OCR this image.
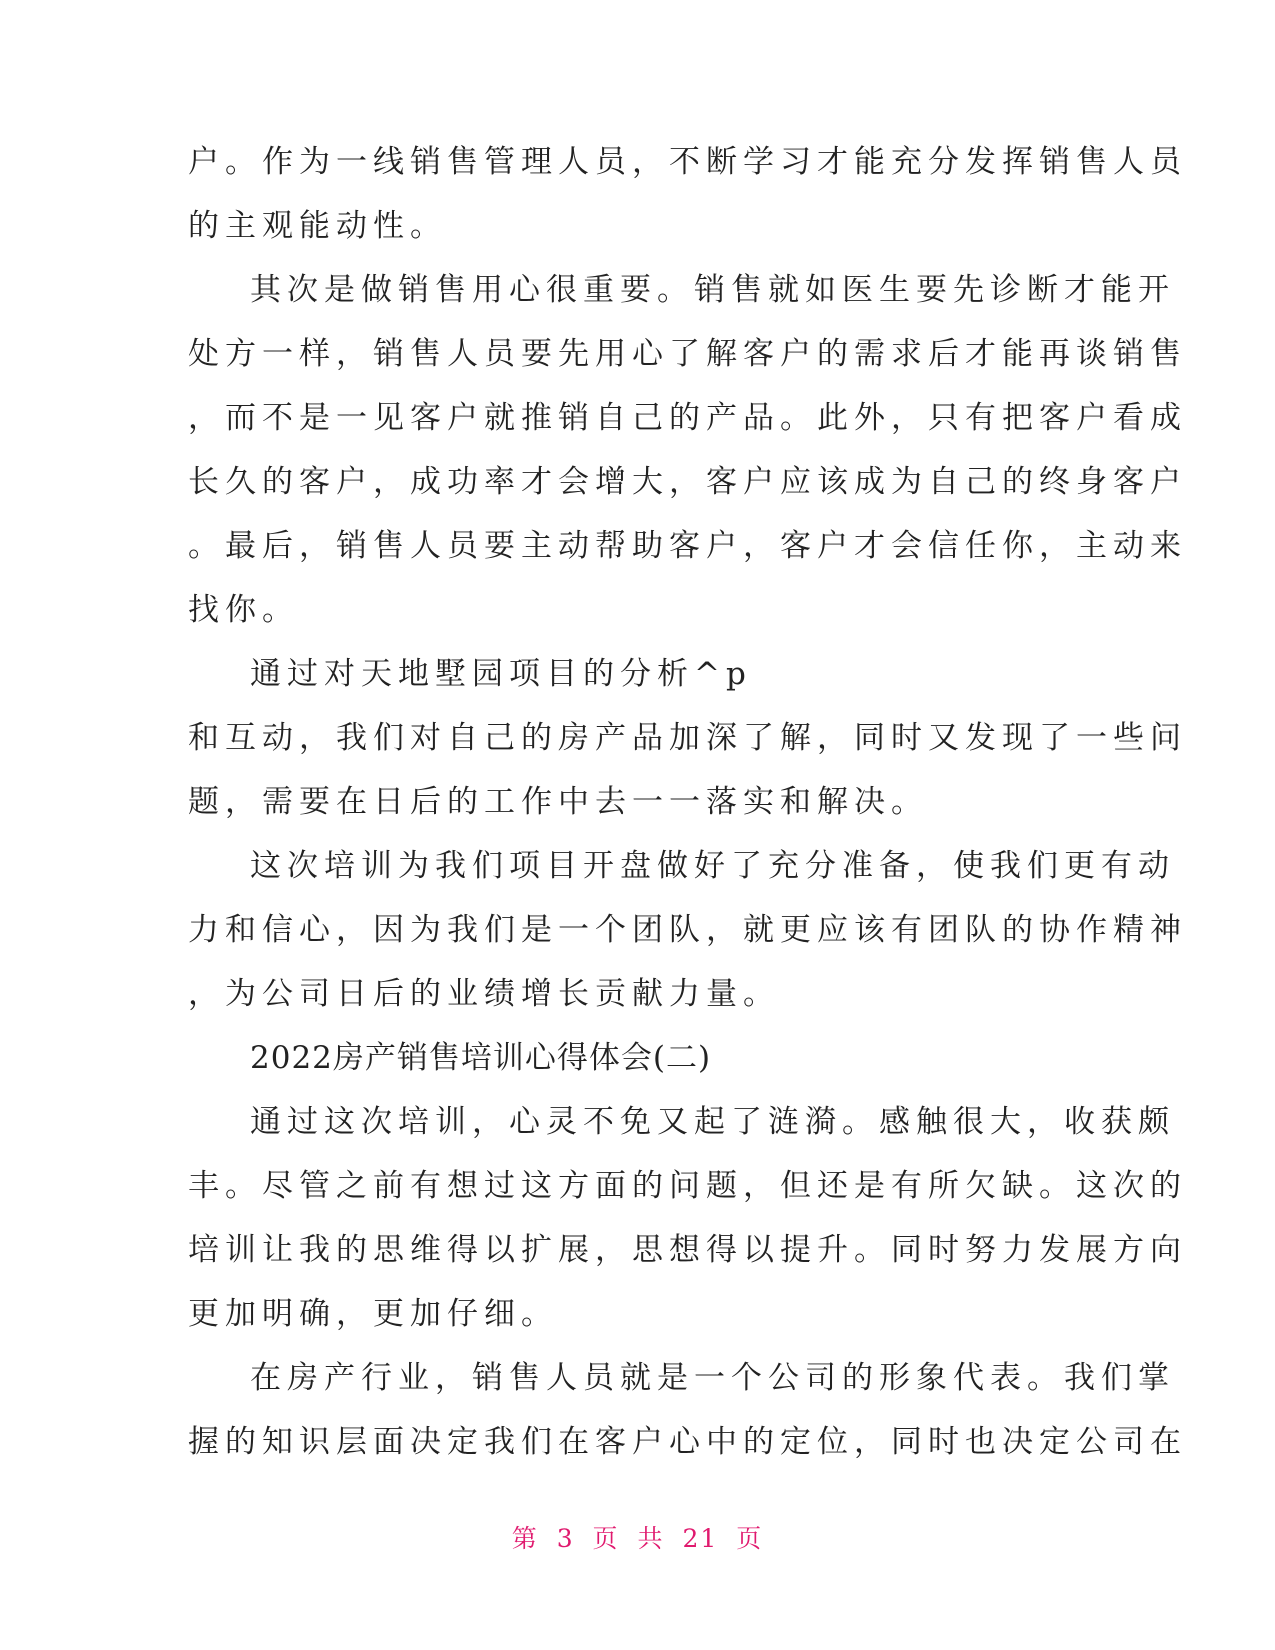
户。作为一线销售管理人员，不断学习才能充分发挥销售人员
的主观能动性。
其次是做销售用心很重要。销售就如医生要先诊断才能开
处方一样，销售人员要先用心了解客户的需求后才能再谈销售
，而不是一见客户就推销自己的产品。此外，只有把客户看成
长久的客户，成功率才会增大，客户应该成为自己的终身客户
。最后，销售人员要主动帮助客户，客户才会信任你，主动来
找你。
通过对天地墅园项目的分析^p
和互动，我们对自己的房产品加深了解，同时又发现了一些问
题，需要在日后的工作中去一一落实和解决。
这次培训为我们项目开盘做好了充分准备，使我们更有动
力和信心，因为我们是一个团队，就更应该有团队的协作精神
，为公司日后的业绩增长贡献力量。
2022房产销售培训心得体会(二)
通过这次培训，心灵不免又起了涟漪。感触很大，收获颇
丰。尽管之前有想过这方面的问题，但还是有所欠缺。这次的
培训让我的思维得以扩展，思想得以提升。同时努力发展方向
更加明确，更加仔细。
在房产行业，销售人员就是一个公司的形象代表。我们掌
握的知识层面决定我们在客户心中的定位，同时也决定公司在
第 3 页 共 21 页
